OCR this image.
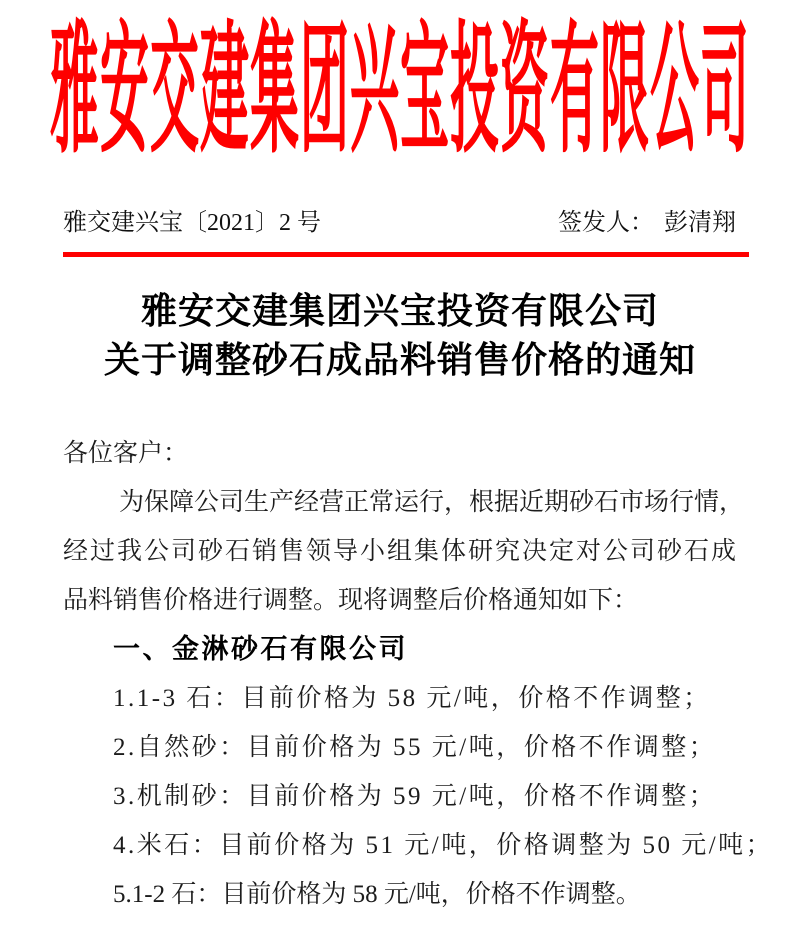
雅安交建集团兴宝投资有限公司
雅交建兴宝〔2021〕2 号	签发人： 彭清翔
雅安交建集团兴宝投资有限公司
关于调整砂石成品料销售价格的通知
各位客户：
为保障公司生产经营正常运行，根据近期砂石市场行情，
经过我公司砂石销售领导小组集体研究决定对公司砂石成
品料销售价格进行调整。现将调整后价格通知如下：
一、金淋砂石有限公司
1.1-3 石：目前价格为 58 元/吨，价格不作调整；
2.自然砂：目前价格为 55 元/吨，价格不作调整；
3.机制砂：目前价格为 59 元/吨，价格不作调整；
4.米石：目前价格为 51 元/吨，价格调整为 50 元/吨；
5.1-2 石：目前价格为 58 元/吨，价格不作调整。
